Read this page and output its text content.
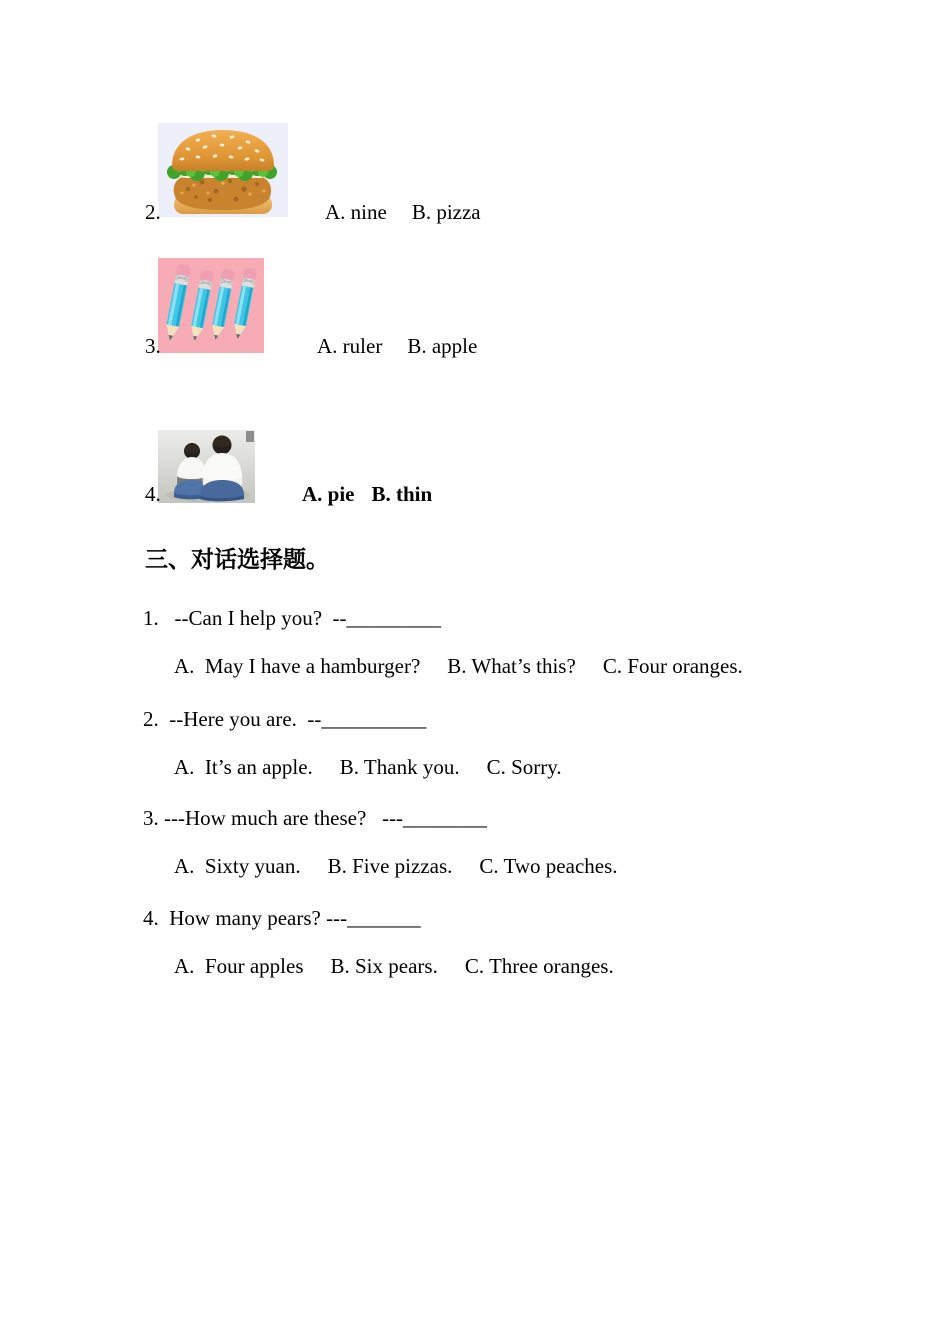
2.	A. nine B. pizza
3.	A. ruler B. apple
4.	A. pie B. thin
三、对话选择题。
1.   --Can I help you?  --_________
A.  May I have a hamburger? B. What’s this? C. Four oranges.
2.  --Here you are.  --__________
A.  It’s an apple. B. Thank you. C. Sorry.
3. ---How much are these?   ---________
A.  Sixty yuan. B. Five pizzas. C. Two peaches.
4.  How many pears? ---_______
A.  Four apples B. Six pears. C. Three oranges.
